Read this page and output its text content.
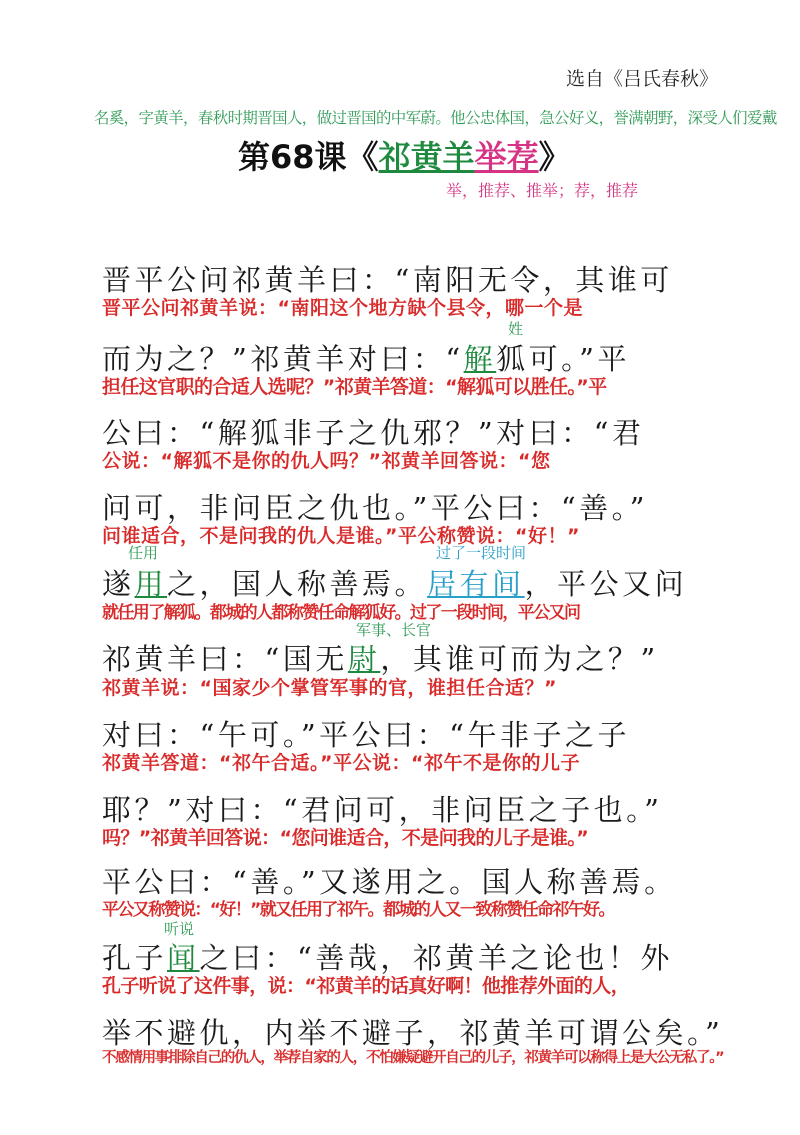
选自《吕氏春秋》
名奚，字黄羊，春秋时期晋国人，做过晋国的中军蔚。他公忠体国，急公好义，誉满朝野，深受人们爱戴
第68课《祁黄羊举荐》
举，推荐、推举；荐，推荐
晋平公问祁黄羊曰：“南阳无令，其谁可
晋平公问祁黄羊说：“南阳这个地方缺个县令，哪一个是
姓
而为之？”祁黄羊对曰：“解狐可。”平
担任这官职的合适人选呢？”祁黄羊答道：“解狐可以胜任。”平
公曰：“解狐非子之仇邪？”对曰：“君
公说：“解狐不是你的仇人吗？”祁黄羊回答说：“您
问可，非问臣之仇也。”平公曰：“善。”
问谁适合，不是问我的仇人是谁。”平公称赞说：“好！”
任用	过了一段时间
遂用之，国人称善焉。居有间，平公又问
就任用了解狐。都城的人都称赞任命解狐好。过了一段时间，平公又问
军事、长官
祁黄羊曰：“国无尉，其谁可而为之？”
祁黄羊说：“国家少个掌管军事的官，谁担任合适？”
对曰：“午可。”平公曰：“午非子之子
祁黄羊答道：“祁午合适。”平公说：“祁午不是你的儿子
耶？”对曰：“君问可，非问臣之子也。”
吗？”祁黄羊回答说：“您问谁适合，不是问我的儿子是谁。”
平公曰：“善。”又遂用之。国人称善焉。
平公又称赞说：“好！”就又任用了祁午。都城的人又一致称赞任命祁午好。
听说
孔子闻之曰：“善哉，祁黄羊之论也！外
孔子听说了这件事，说：“祁黄羊的话真好啊！他推荐外面的人，
举不避仇，内举不避子，祁黄羊可谓公矣。”
不感情用事排除自己的仇人，举荐自家的人，不怕嫌疑避开自己的儿子，祁黄羊可以称得上是大公无私了。”
